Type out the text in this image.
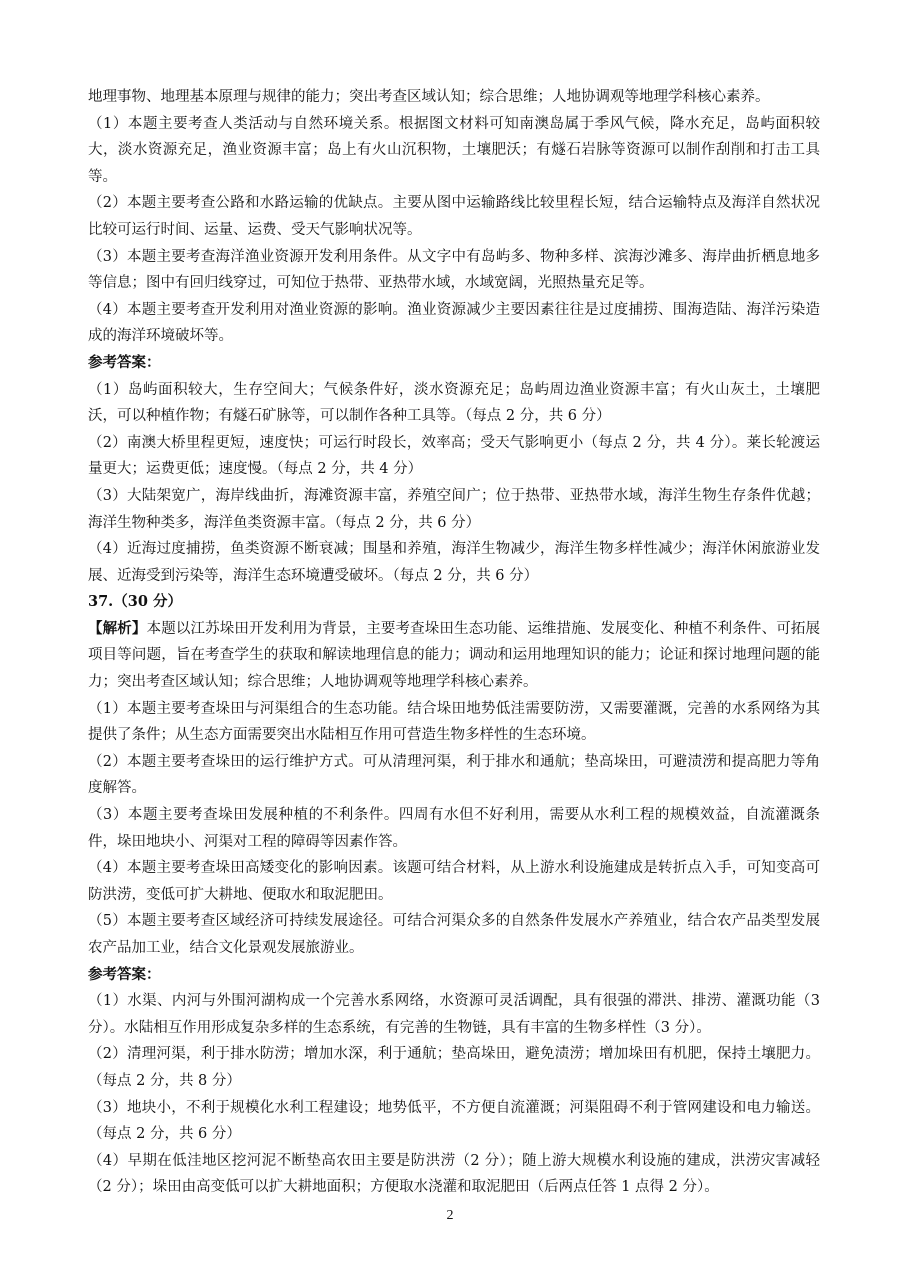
地理事物、地理基本原理与规律的能力；突出考查区域认知；综合思维；人地协调观等地理学科核心素养。

（1）本题主要考查人类活动与自然环境关系。根据图文材料可知南澳岛属于季风气候，降水充足，岛屿面积较大，淡水资源充足，渔业资源丰富；岛上有火山沉积物，土壤肥沃；有燧石岩脉等资源可以制作刮削和打击工具等。

（2）本题主要考查公路和水路运输的优缺点。主要从图中运输路线比较里程长短，结合运输特点及海洋自然状况比较可运行时间、运量、运费、受天气影响状况等。

（3）本题主要考查海洋渔业资源开发利用条件。从文字中有岛屿多、物种多样、滨海沙滩多、海岸曲折栖息地多等信息；图中有回归线穿过，可知位于热带、亚热带水域，水域宽阔，光照热量充足等。

（4）本题主要考查开发利用对渔业资源的影响。渔业资源减少主要因素往往是过度捕捞、围海造陆、海洋污染造成的海洋环境破坏等。

参考答案：

（1）岛屿面积较大，生存空间大；气候条件好，淡水资源充足；岛屿周边渔业资源丰富；有火山灰土，土壤肥沃，可以种植作物；有燧石矿脉等，可以制作各种工具等。（每点 2 分，共 6 分）

（2）南澳大桥里程更短，速度快；可运行时段长，效率高；受天气影响更小（每点 2 分，共 4 分）。莱长轮渡运量更大；运费更低；速度慢。（每点 2 分，共 4 分）

（3）大陆架宽广，海岸线曲折，海滩资源丰富，养殖空间广；位于热带、亚热带水域，海洋生物生存条件优越；海洋生物种类多，海洋鱼类资源丰富。（每点 2 分，共 6 分）

（4）近海过度捕捞，鱼类资源不断衰减；围垦和养殖，海洋生物减少，海洋生物多样性减少；海洋休闲旅游业发展、近海受到污染等，海洋生态环境遭受破坏。（每点 2 分，共 6 分）

37.（30 分）

【解析】本题以江苏垛田开发利用为背景，主要考查垛田生态功能、运维措施、发展变化、种植不利条件、可拓展项目等问题，旨在考查学生的获取和解读地理信息的能力；调动和运用地理知识的能力；论证和探讨地理问题的能力；突出考查区域认知；综合思维；人地协调观等地理学科核心素养。

（1）本题主要考查垛田与河渠组合的生态功能。结合垛田地势低洼需要防涝，又需要灌溉，完善的水系网络为其提供了条件；从生态方面需要突出水陆相互作用可营造生物多样性的生态环境。

（2）本题主要考查垛田的运行维护方式。可从清理河渠，利于排水和通航；垫高垛田，可避渍涝和提高肥力等角度解答。

（3）本题主要考查垛田发展种植的不利条件。四周有水但不好利用，需要从水利工程的规模效益，自流灌溉条件，垛田地块小、河渠对工程的障碍等因素作答。

（4）本题主要考查垛田高矮变化的影响因素。该题可结合材料，从上游水利设施建成是转折点入手，可知变高可防洪涝，变低可扩大耕地、便取水和取泥肥田。

（5）本题主要考查区域经济可持续发展途径。可结合河渠众多的自然条件发展水产养殖业，结合农产品类型发展农产品加工业，结合文化景观发展旅游业。

参考答案：

（1）水渠、内河与外围河湖构成一个完善水系网络，水资源可灵活调配，具有很强的滞洪、排涝、灌溉功能（3 分）。水陆相互作用形成复杂多样的生态系统，有完善的生物链，具有丰富的生物多样性（3 分）。

（2）清理河渠，利于排水防涝；增加水深，利于通航；垫高垛田，避免渍涝；增加垛田有机肥，保持土壤肥力。（每点 2 分，共 8 分）

（3）地块小，不利于规模化水利工程建设；地势低平，不方便自流灌溉；河渠阻碍不利于管网建设和电力输送。（每点 2 分，共 6 分）

（4）早期在低洼地区挖河泥不断垫高农田主要是防洪涝（2 分）；随上游大规模水利设施的建成，洪涝灾害减轻（2 分）；垛田由高变低可以扩大耕地面积；方便取水浇灌和取泥肥田（后两点任答 1 点得 2 分）。

2
